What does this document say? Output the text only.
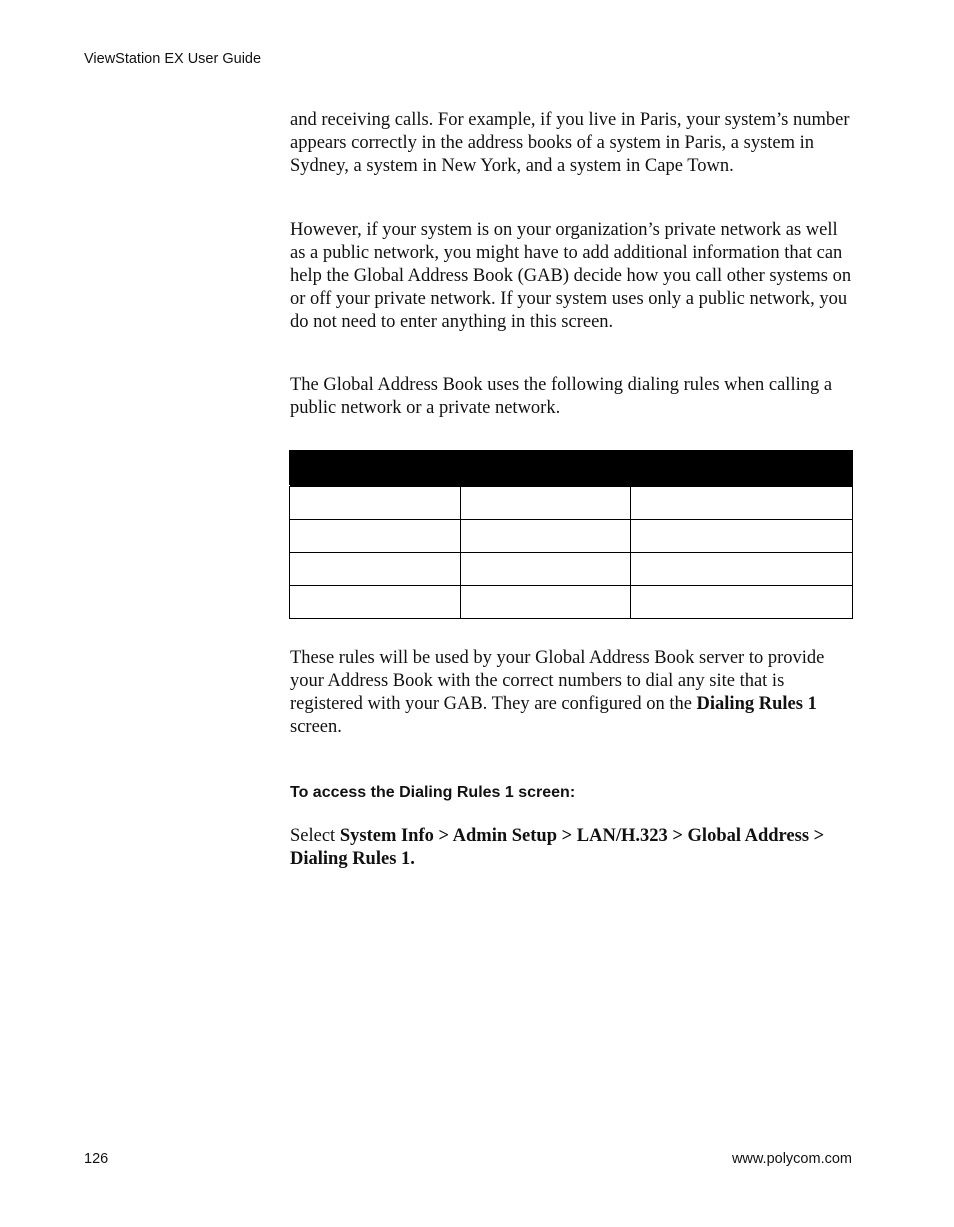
ViewStation EX User Guide

and receiving calls. For example, if you live in Paris, your system’s number appears correctly in the address books of a system in Paris, a system in Sydney, a system in New York, and a system in Cape Town.

However, if your system is on your organization’s private network as well as a public network, you might have to add additional information that can help the Global Address Book (GAB) decide how you call other systems on or off your private network. If your system uses only a public network, you do not need to enter anything in this screen.

The Global Address Book uses the following dialing rules when calling a public network or a private network.

These rules will be used by your Global Address Book server to provide your Address Book with the correct numbers to dial any site that is registered with your GAB. They are configured on the Dialing Rules 1 screen.

To access the Dialing Rules 1 screen:

Select System Info > Admin Setup > LAN/H.323 > Global Address > Dialing Rules 1.

126	www.polycom.com
